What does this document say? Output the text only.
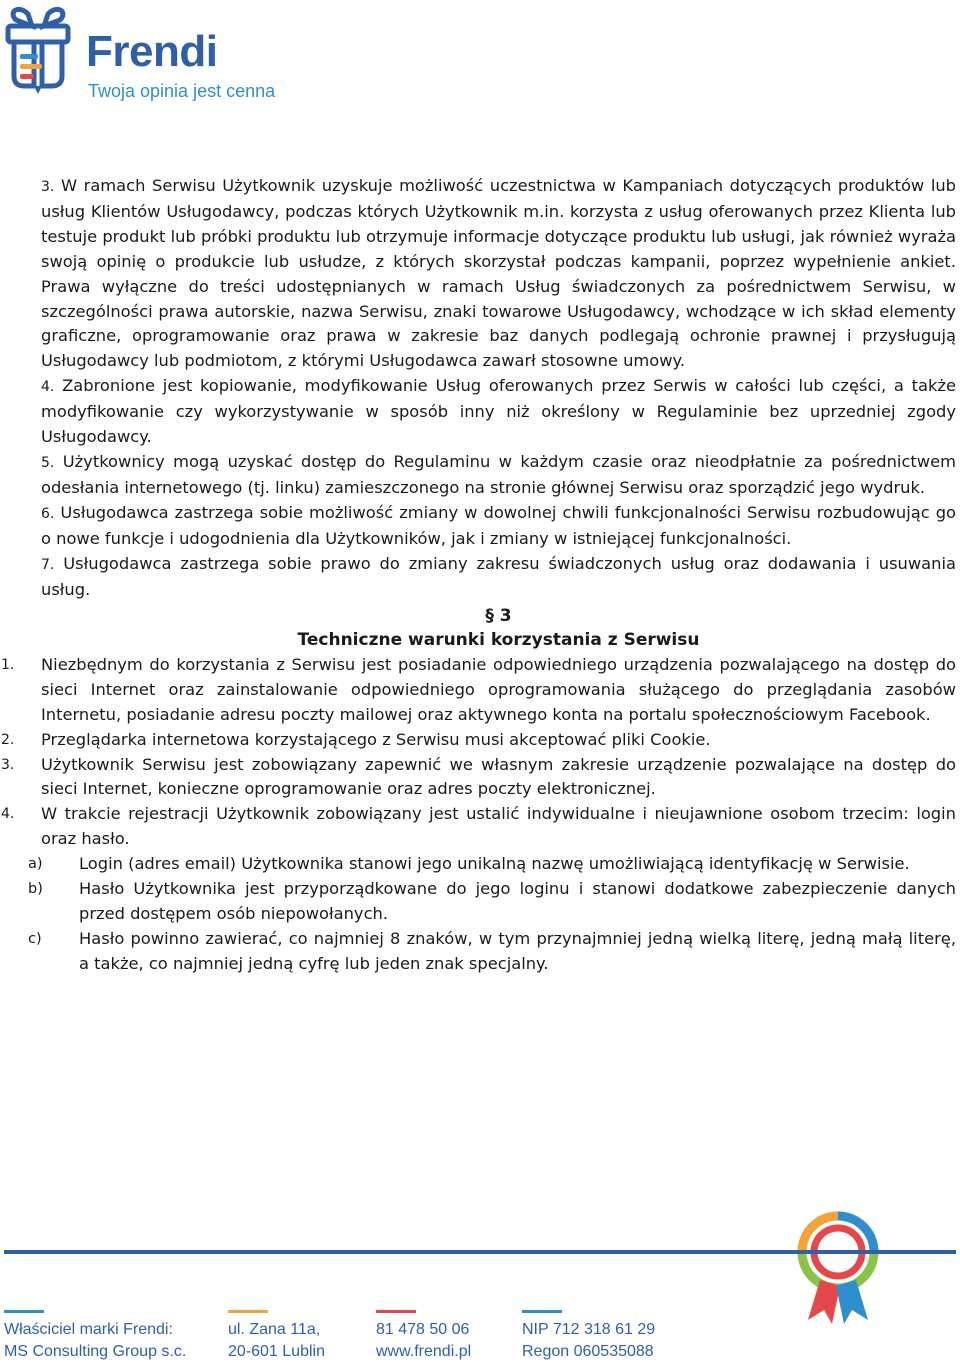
Frendi
Twoja opinia jest cenna

3. W ramach Serwisu Użytkownik uzyskuje możliwość uczestnictwa w Kampaniach dotyczących produktów lub usług Klientów Usługodawcy, podczas których Użytkownik m.in. korzysta z usług oferowanych przez Klienta lub testuje produkt lub próbki produktu lub otrzymuje informacje dotyczące produktu lub usługi, jak również wyraża swoją opinię o produkcie lub usłudze, z których skorzystał podczas kampanii, poprzez wypełnienie ankiet. Prawa wyłączne do treści udostępnianych w ramach Usług świadczonych za pośrednictwem Serwisu, w szczególności prawa autorskie, nazwa Serwisu, znaki towarowe Usługodawcy, wchodzące w ich skład elementy graficzne, oprogramowanie oraz prawa w zakresie baz danych podlegają ochronie prawnej i przysługują Usługodawcy lub podmiotom, z którymi Usługodawca zawarł stosowne umowy.

4. Zabronione jest kopiowanie, modyfikowanie Usług oferowanych przez Serwis w całości lub części, a także modyfikowanie czy wykorzystywanie w sposób inny niż określony w Regulaminie bez uprzedniej zgody Usługodawcy.

5. Użytkownicy mogą uzyskać dostęp do Regulaminu w każdym czasie oraz nieodpłatnie za pośrednictwem odesłania internetowego (tj. linku) zamieszczonego na stronie głównej Serwisu oraz sporządzić jego wydruk.

6. Usługodawca zastrzega sobie możliwość zmiany w dowolnej chwili funkcjonalności Serwisu rozbudowując go o nowe funkcje i udogodnienia dla Użytkowników, jak i zmiany w istniejącej funkcjonalności.

7. Usługodawca zastrzega sobie prawo do zmiany zakresu świadczonych usług oraz dodawania i usuwania usług.

§ 3
Techniczne warunki korzystania z Serwisu

1. Niezbędnym do korzystania z Serwisu jest posiadanie odpowiedniego urządzenia pozwalającego na dostęp do sieci Internet oraz zainstalowanie odpowiedniego oprogramowania służącego do przeglądania zasobów Internetu, posiadanie adresu poczty mailowej oraz aktywnego konta na portalu społecznościowym Facebook.

2. Przeglądarka internetowa korzystającego z Serwisu musi akceptować pliki Cookie.

3. Użytkownik Serwisu jest zobowiązany zapewnić we własnym zakresie urządzenie pozwalające na dostęp do sieci Internet, konieczne oprogramowanie oraz adres poczty elektronicznej.

4. W trakcie rejestracji Użytkownik zobowiązany jest ustalić indywidualne i nieujawnione osobom trzecim: login oraz hasło.

a) Login (adres email) Użytkownika stanowi jego unikalną nazwę umożliwiającą identyfikację w Serwisie.

b) Hasło Użytkownika jest przyporządkowane do jego loginu i stanowi dodatkowe zabezpieczenie danych przed dostępem osób niepowołanych.

c) Hasło powinno zawierać, co najmniej 8 znaków, w tym przynajmniej jedną wielką literę, jedną małą literę, a także, co najmniej jedną cyfrę lub jeden znak specjalny.

Właściciel marki Frendi:
MS Consulting Group s.c.
ul. Zana 11a,
20-601 Lublin
81 478 50 06
www.frendi.pl
NIP 712 318 61 29
Regon 060535088
